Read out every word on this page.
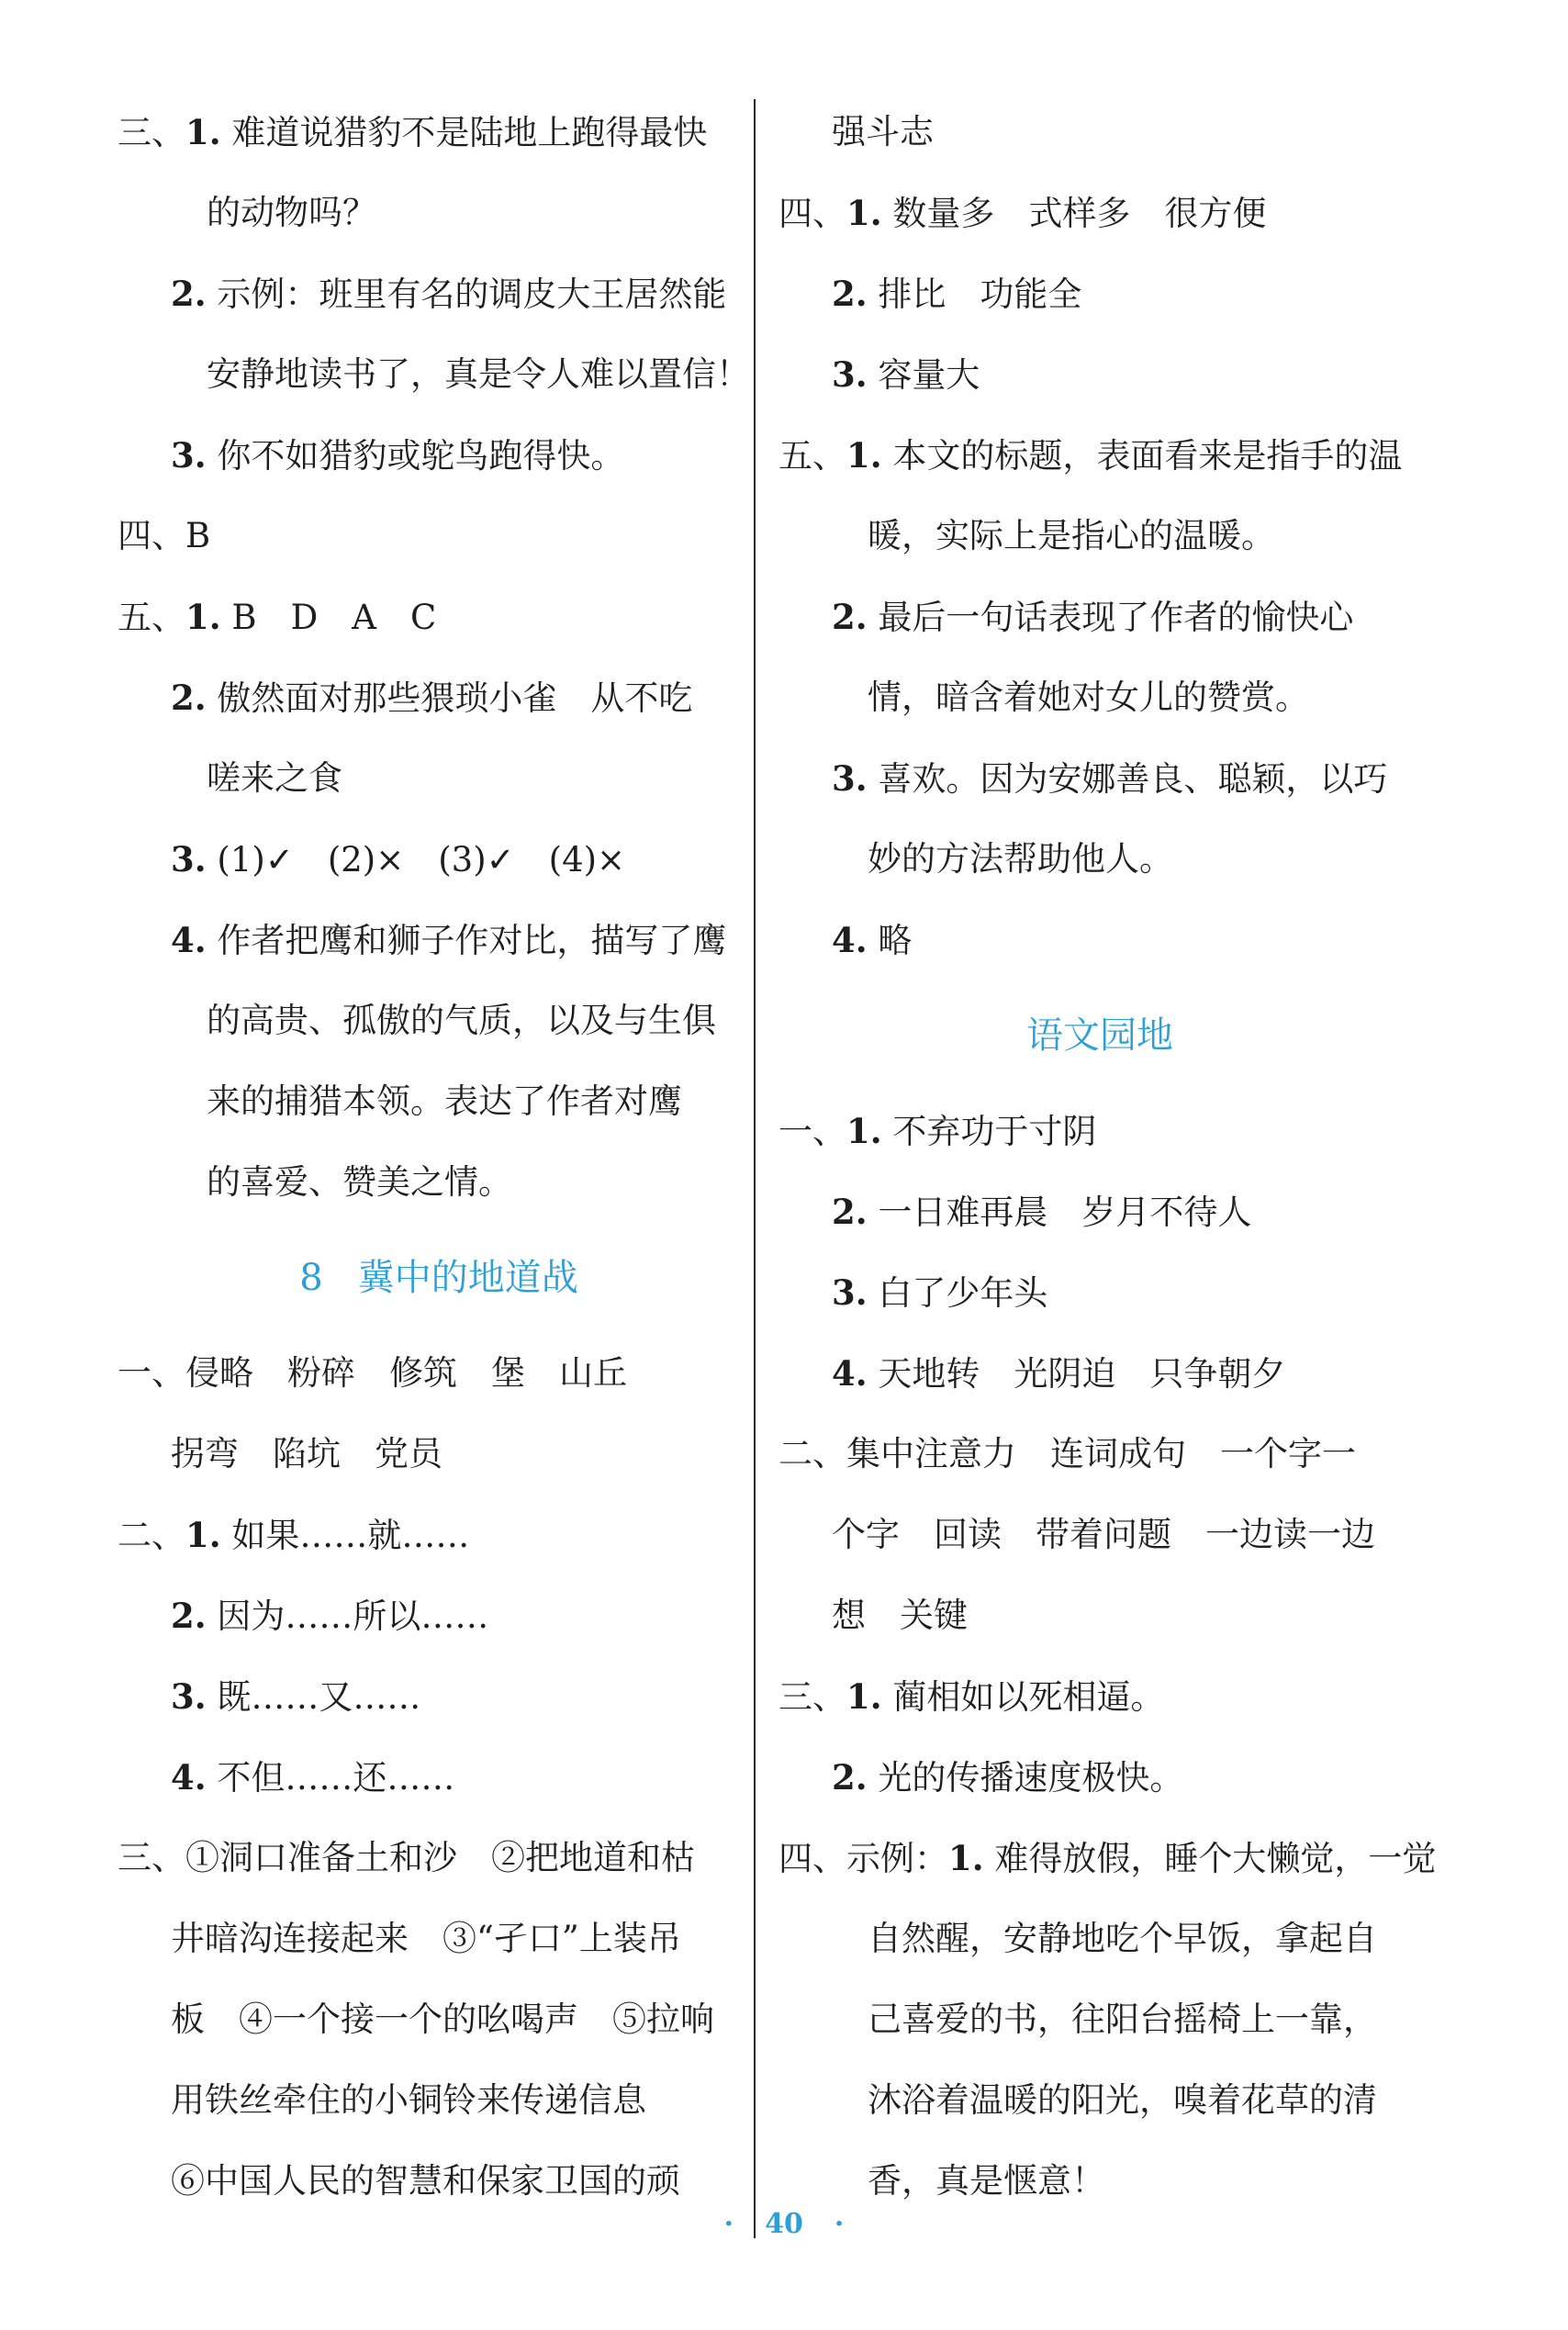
三、1. 难道说猎豹不是陆地上跑得最快
的动物吗？
2. 示例：班里有名的调皮大王居然能
安静地读书了，真是令人难以置信！
3. 你不如猎豹或鸵鸟跑得快。
四、B
五、1. B　D　A　C
2. 傲然面对那些猥琐小雀　从不吃
嗟来之食
3. (1)✓　(2)×　(3)✓　(4)×
4. 作者把鹰和狮子作对比，描写了鹰
的高贵、孤傲的气质，以及与生俱
来的捕猎本领。表达了作者对鹰
的喜爱、赞美之情。
8 冀中的地道战
一、侵略　粉碎　修筑　堡　山丘
拐弯　陷坑　党员
二、1. 如果……就……
2. 因为……所以……
3. 既……又……
4. 不但……还……
三、①洞口准备土和沙　②把地道和枯
井暗沟连接起来　③“孑口”上装吊
板　④一个接一个的吆喝声　⑤拉响
用铁丝牵住的小铜铃来传递信息
⑥中国人民的智慧和保家卫国的顽
强斗志
四、1. 数量多　式样多　很方便
2. 排比　功能全
3. 容量大
五、1. 本文的标题，表面看来是指手的温
暖，实际上是指心的温暖。
2. 最后一句话表现了作者的愉快心
情，暗含着她对女儿的赞赏。
3. 喜欢。因为安娜善良、聪颖，以巧
妙的方法帮助他人。
4. 略
语文园地
一、1. 不弃功于寸阴
2. 一日难再晨　岁月不待人
3. 白了少年头
4. 天地转　光阴迫　只争朝夕
二、集中注意力　连词成句　一个字一
个字　回读　带着问题　一边读一边
想　关键
三、1. 蔺相如以死相逼。
2. 光的传播速度极快。
四、示例：1. 难得放假，睡个大懒觉，一觉
自然醒，安静地吃个早饭，拿起自
己喜爱的书，往阳台摇椅上一靠，
沐浴着温暖的阳光，嗅着花草的清
香，真是惬意！
· 40 ·
